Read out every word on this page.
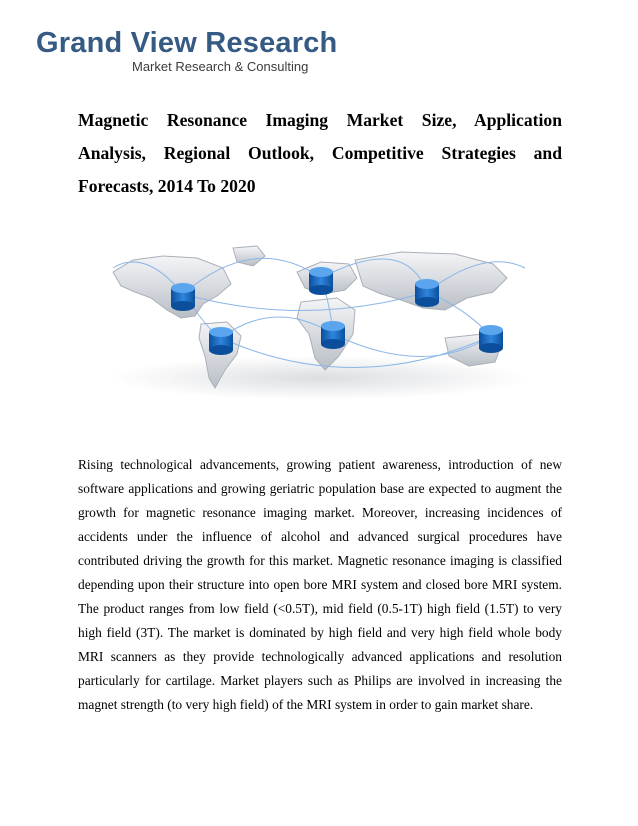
Grand View Research
Market Research & Consulting
Magnetic Resonance Imaging Market Size, Application Analysis, Regional Outlook, Competitive Strategies and Forecasts, 2014 To 2020

Rising technological advancements, growing patient awareness, introduction of new software applications and growing geriatric population base are expected to augment the growth for magnetic resonance imaging market. Moreover, increasing incidences of accidents under the influence of alcohol and advanced surgical procedures have contributed driving the growth for this market. Magnetic resonance imaging is classified depending upon their structure into open bore MRI system and closed bore MRI system. The product ranges from low field (<0.5T), mid field (0.5-1T) high field (1.5T) to very high field (3T). The market is dominated by high field and very high field whole body MRI scanners as they provide technologically advanced applications and resolution particularly for cartilage. Market players such as Philips are involved in increasing the magnet strength (to very high field) of the MRI system in order to gain market share.
